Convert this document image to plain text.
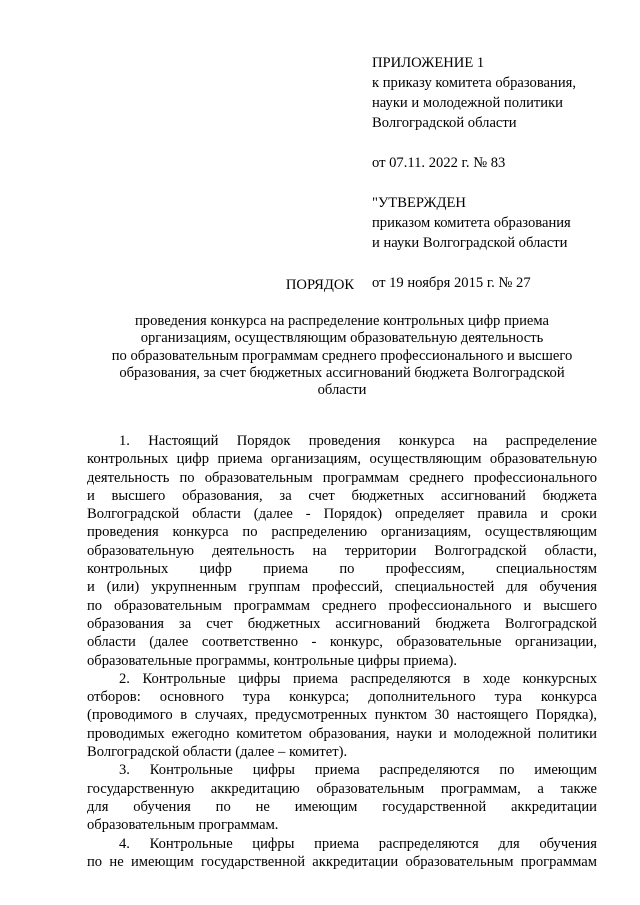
ПРИЛОЖЕНИЕ 1
к приказу комитета образования,
науки и молодежной политики
Волгоградской области
от 07.11. 2022 г. № 83
"УТВЕРЖДЕН
приказом комитета образования
и науки Волгоградской области
от 19 ноября 2015 г. № 27
ПОРЯДОК
проведения конкурса на распределение контрольных цифр приема
организациям, осуществляющим образовательную деятельность
по образовательным программам среднего профессионального и высшего
образования, за счет бюджетных ассигнований бюджета Волгоградской
области
1. Настоящий Порядок проведения конкурса на распределение
контрольных цифр приема организациям, осуществляющим образовательную
деятельность по образовательным программам среднего профессионального
и высшего образования, за счет бюджетных ассигнований бюджета
Волгоградской области (далее - Порядок) определяет правила и сроки
проведения конкурса по распределению организациям, осуществляющим
образовательную деятельность на территории Волгоградской области,
контрольных цифр приема по профессиям, специальностям
и (или) укрупненным группам профессий, специальностей для обучения
по образовательным программам среднего профессионального и высшего
образования за счет бюджетных ассигнований бюджета Волгоградской
области (далее соответственно - конкурс, образовательные организации,
образовательные программы, контрольные цифры приема).
2. Контрольные цифры приема распределяются в ходе конкурсных
отборов: основного тура конкурса; дополнительного тура конкурса
(проводимого в случаях, предусмотренных пунктом 30 настоящего Порядка),
проводимых ежегодно комитетом образования, науки и молодежной политики
Волгоградской области (далее – комитет).
3. Контрольные цифры приема распределяются по имеющим
государственную аккредитацию образовательным программам, а также
для обучения по не имеющим государственной аккредитации
образовательным программам.
4. Контрольные цифры приема распределяются для обучения
по не имеющим государственной аккредитации образовательным программам
